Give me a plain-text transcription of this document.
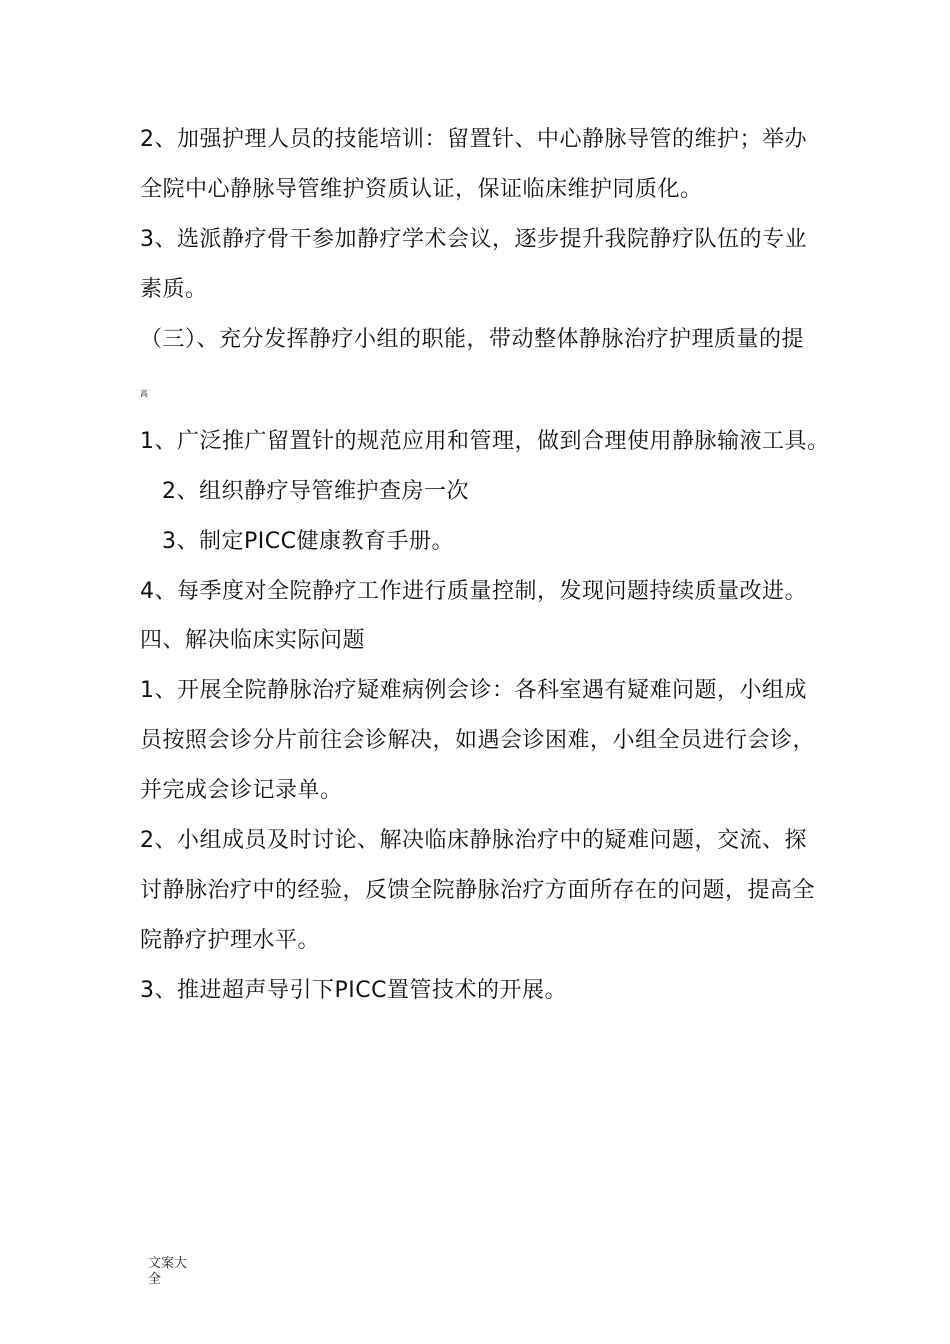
2、加强护理人员的技能培训：留置针、中心静脉导管的维护；举办
全院中心静脉导管维护资质认证，保证临床维护同质化。
3、选派静疗骨干参加静疗学术会议，逐步提升我院静疗队伍的专业
素质。
（三）、充分发挥静疗小组的职能，带动整体静脉治疗护理质量的提
高
1、广泛推广留置针的规范应用和管理，做到合理使用静脉输液工具。
2、组织静疗导管维护查房一次
3、制定PICC健康教育手册。
4、每季度对全院静疗工作进行质量控制，发现问题持续质量改进。
四、解决临床实际问题
1、开展全院静脉治疗疑难病例会诊：各科室遇有疑难问题，小组成
员按照会诊分片前往会诊解决，如遇会诊困难，小组全员进行会诊，
并完成会诊记录单。
2、小组成员及时讨论、解决临床静脉治疗中的疑难问题，交流、探
讨静脉治疗中的经验，反馈全院静脉治疗方面所存在的问题，提高全
院静疗护理水平。
3、推进超声导引下PICC置管技术的开展。
文案大全
